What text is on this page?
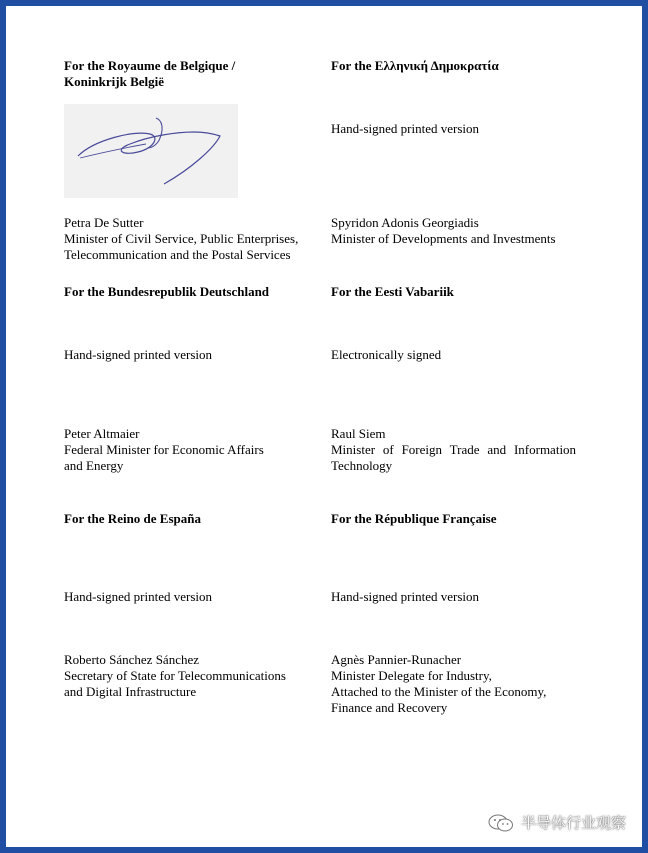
For the Royaume de Belgique /
Koninkrijk België

Petra De Sutter
Minister of Civil Service, Public Enterprises,
Telecommunication and the Postal Services

For the Ελληνική Δημοκρατία

Hand-signed printed version

Spyridon Adonis Georgiadis
Minister of Developments and Investments

For the Bundesrepublik Deutschland

Hand-signed printed version

Peter Altmaier
Federal Minister for Economic Affairs
and Energy

For the Eesti Vabariik

Electronically signed

Raul Siem

Minister of Foreign Trade and Information
Technology

For the Reino de España

Hand-signed printed version

Roberto Sánchez Sánchez
Secretary of State for Telecommunications
and Digital Infrastructure

For the République Française

Hand-signed printed version

Agnès Pannier-Runacher
Minister Delegate for Industry,
Attached to the Minister of the Economy,
Finance and Recovery

半导体行业观察
